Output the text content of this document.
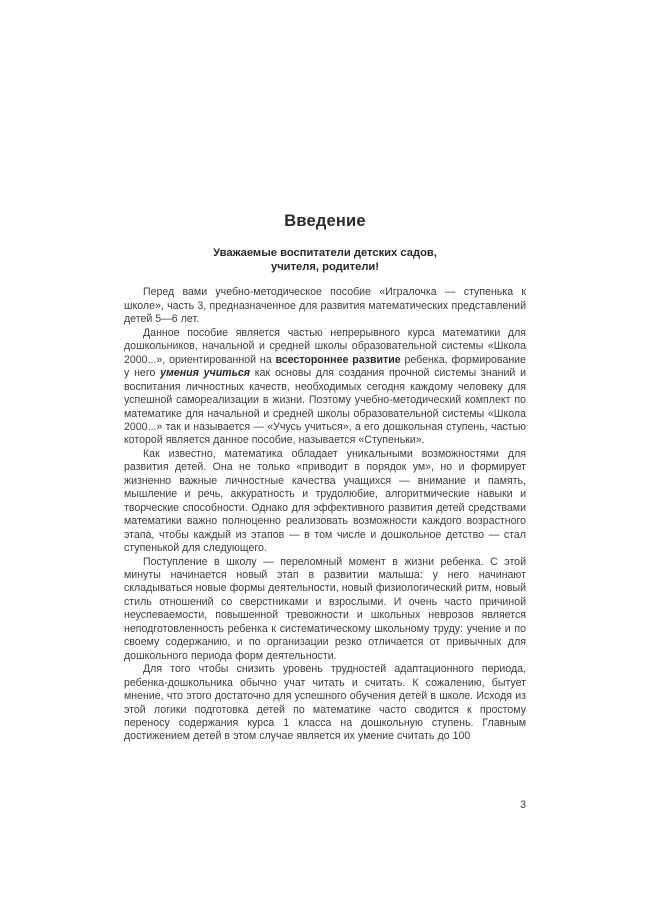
Введение
Уважаемые воспитатели детских садов,
учителя, родители!

Перед вами учебно-методическое пособие «Игралочка — ступенька к школе», часть 3, предназначенное для развития математических представлений детей 5—6 лет.

Данное пособие является частью непрерывного курса математики для дошкольников, начальной и средней школы образовательной системы «Школа 2000...», ориентированной на всестороннее развитие ребенка, формирование у него умения учиться как основы для создания прочной системы знаний и воспитания личностных качеств, необходимых сегодня каждому человеку для успешной самореализации в жизни. Поэтому учебно-методический комплект по математике для начальной и средней школы образовательной системы «Школа 2000...» так и называется — «Учусь учиться», а его дошкольная ступень, частью которой является данное пособие, называется «Ступеньки».

Как известно, математика обладает уникальными возможностями для развития детей. Она не только «приводит в порядок ум», но и формирует жизненно важные личностные качества учащихся — внимание и память, мышление и речь, аккуратность и трудолюбие, алгоритмические навыки и творческие способности. Однако для эффективного развития детей средствами математики важно полноценно реализовать возможности каждого возрастного этапа, чтобы каждый из этапов — в том числе и дошкольное детство — стал ступенькой для следующего.

Поступление в школу — переломный момент в жизни ребенка. С этой минуты начинается новый этап в развитии малыша: у него начинают складываться новые формы деятельности, новый физиологический ритм, новый стиль отношений со сверстниками и взрослыми. И очень часто причиной неуспеваемости, повышенной тревожности и школьных неврозов является неподготовленность ребенка к систематическому школьному труду: учение и по своему содержанию, и по организации резко отличается от привычных для дошкольного периода форм деятельности.

Для того чтобы снизить уровень трудностей адаптационного периода, ребенка-дошкольника обычно учат читать и считать. К сожалению, бытует мнение, что этого достаточно для успешного обучения детей в школе. Исходя из этой логики подготовка детей по математике часто сводится к простому переносу содержания курса 1 класса на дошкольную ступень. Главным достижением детей в этом случае является их умение считать до 100

3
